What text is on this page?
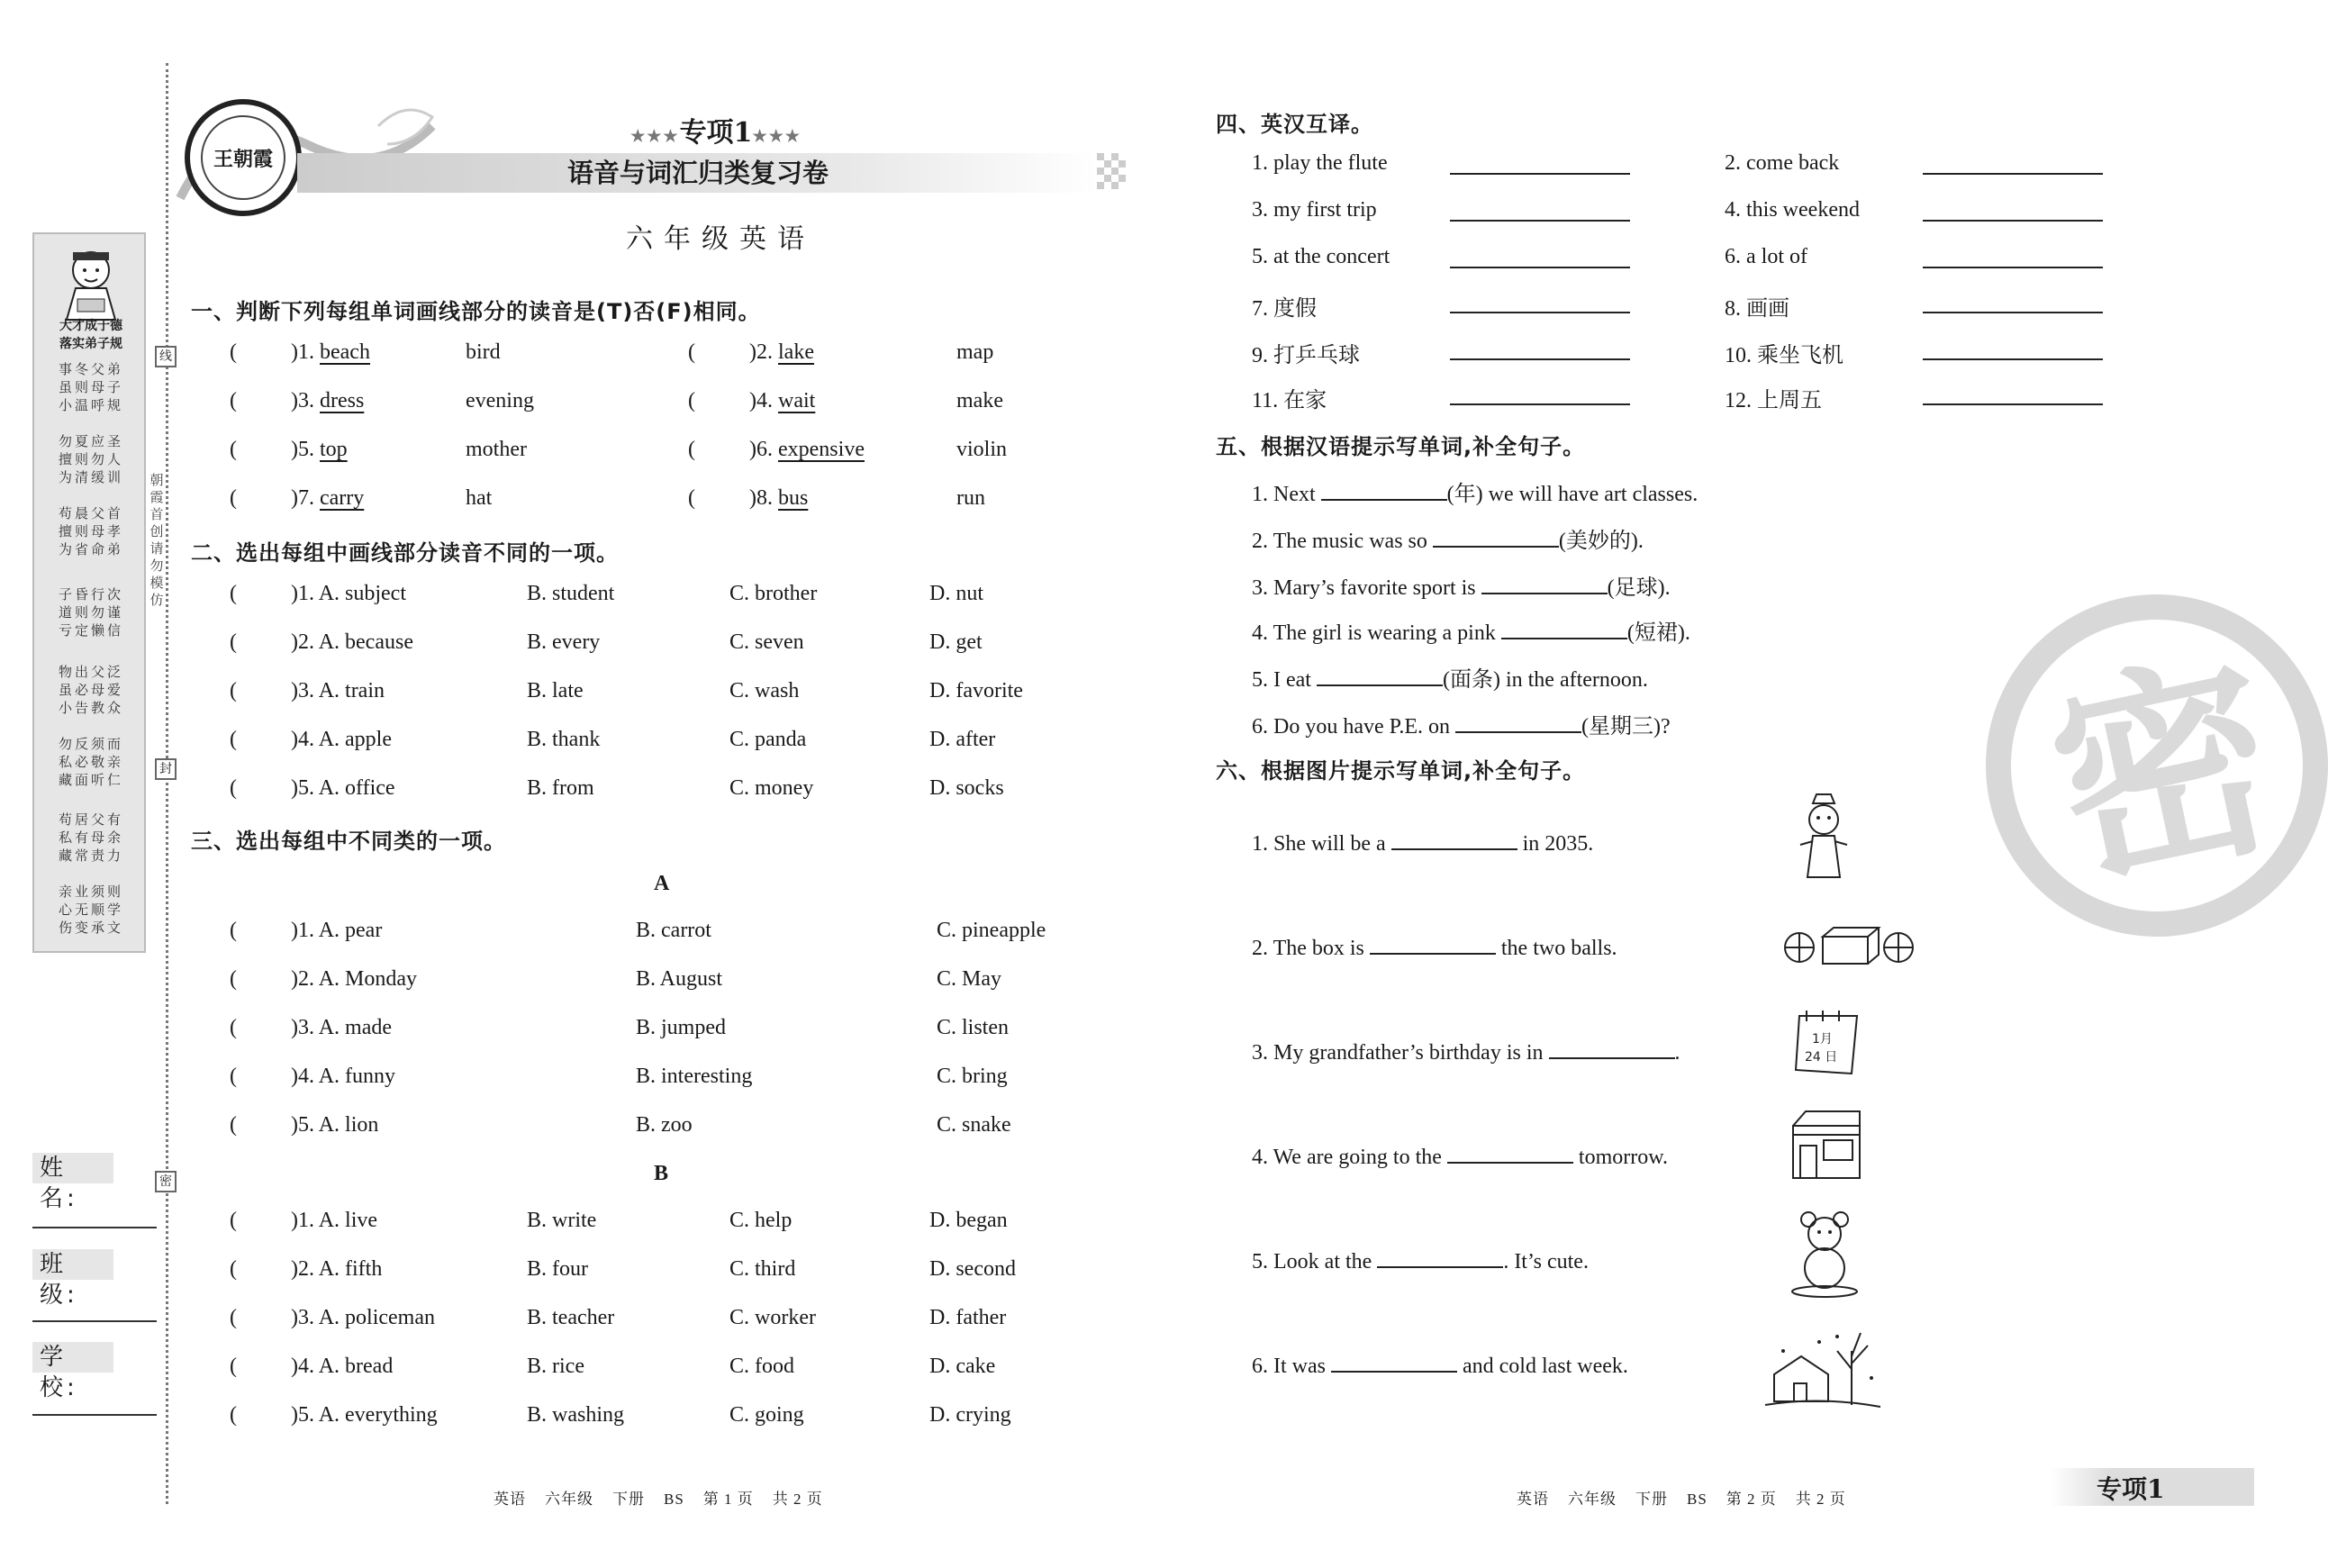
大才成于德
落实弟子规
事冬父弟
虽则母子
小温呼规
勿夏应圣
擅则勿人
为清缓训
苟晨父首
擅则母孝
为省命弟
子昏行次
道则勿谨
亏定懒信
物出父泛
虽必母爱
小告教众
勿反须而
私必敬亲
藏面听仁
苟居父有
私有母余
藏常责力
亲业须则
心无顺学
伤变承文
线
封
密
朝霞首创 请勿模仿
姓 名:
班 级:
学 校:
王朝霞	语音与词汇归类复习卷
★★★专项1★★★
六年级英语
一、判断下列每组单词画线部分的读音是(T)否(F)相同。
(	)1. beach	bird	(	)2. lake	map
(	)3. dress	evening	(	)4. wait	make
(	)5. top	mother	(	)6. expensive	violin
(	)7. carry	hat	(	)8. bus	run
二、选出每组中画线部分读音不同的一项。
(	)1. A. subject	B. student	C. brother	D. nut
(	)2. A. because	B. every	C. seven	D. get
(	)3. A. train	B. late	C. wash	D. favorite
(	)4. A. apple	B. thank	C. panda	D. after
(	)5. A. office	B. from	C. money	D. socks
三、选出每组中不同类的一项。
A
(	)1. A. pear	B. carrot	C. pineapple
(	)2. A. Monday	B. August	C. May
(	)3. A. made	B. jumped	C. listen
(	)4. A. funny	B. interesting	C. bring
(	)5. A. lion	B. zoo	C. snake
B
(	)1. A. live	B. write	C. help	D. began
(	)2. A. fifth	B. four	C. third	D. second
(	)3. A. policeman	B. teacher	C. worker	D. father
(	)4. A. bread	B. rice	C. food	D. cake
(	)5. A. everything	B. washing	C. going	D. crying
英语    六年级    下册    BS    第 1 页    共 2 页
密
四、英汉互译。
1. play the flute	2. come back
3. my first trip	4. this weekend
5. at the concert	6. a lot of
7. 度假	8. 画画
9. 打乒乓球	10. 乘坐飞机
11. 在家	12. 上周五
五、根据汉语提示写单词,补全句子。
1. Next	(年) we will have art classes.
2. The music was so	(美妙的).
3. Mary’s favorite sport is	(足球).
4. The girl is wearing a pink	(短裙).
5. I eat	(面条) in the afternoon.
6. Do you have P.E. on	(星期三)?
六、根据图片提示写单词,补全句子。
1. She will be a	in 2035.
2. The box is	the two balls.
3. My grandfather’s birthday is in	.
4. We are going to the	tomorrow.
5. Look at the	. It’s cute.
6. It was	and cold last week.
1月
24 日
英语    六年级    下册    BS    第 2 页    共 2 页	专项1
